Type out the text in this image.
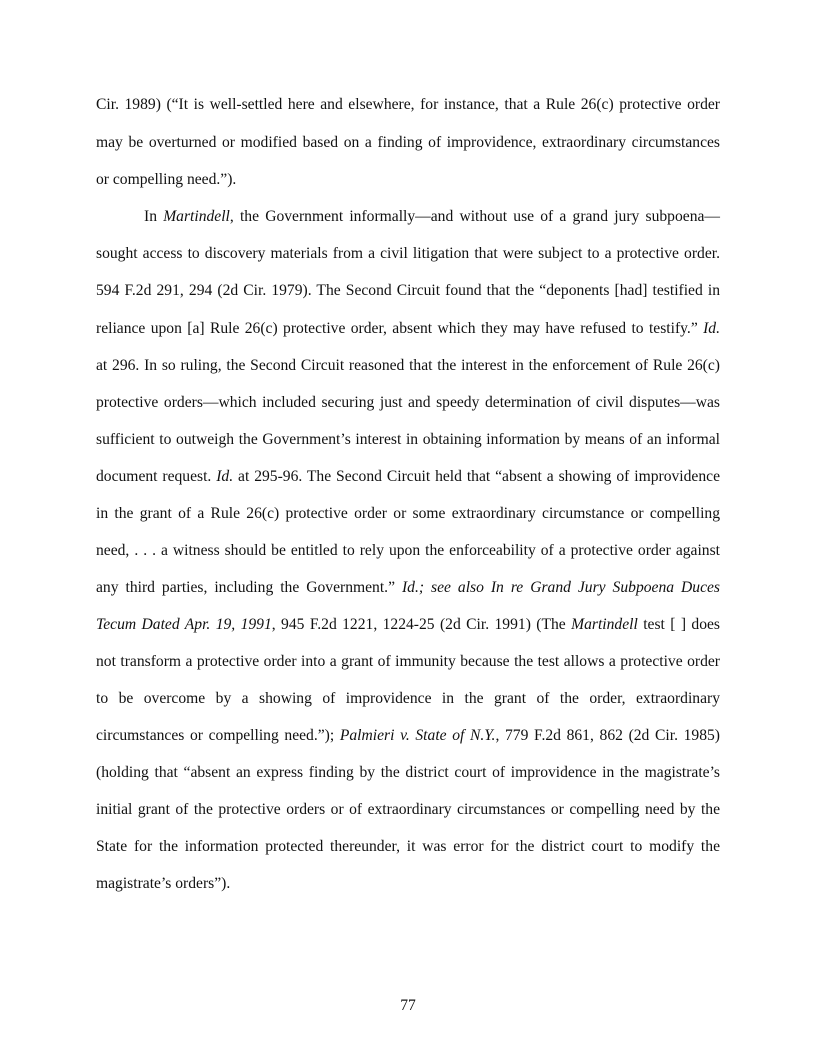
Cir. 1989) (“It is well-settled here and elsewhere, for instance, that a Rule 26(c) protective order
may be overturned or modified based on a finding of improvidence, extraordinary circumstances
or compelling need.”).
In Martindell, the Government informally—and without use of a grand jury subpoena—
sought access to discovery materials from a civil litigation that were subject to a protective order.
594 F.2d 291, 294 (2d Cir. 1979). The Second Circuit found that the “deponents [had] testified in
reliance upon [a] Rule 26(c) protective order, absent which they may have refused to testify.” Id.
at 296. In so ruling, the Second Circuit reasoned that the interest in the enforcement of Rule 26(c)
protective orders—which included securing just and speedy determination of civil disputes—was
sufficient to outweigh the Government’s interest in obtaining information by means of an informal
document request. Id. at 295-96. The Second Circuit held that “absent a showing of improvidence
in the grant of a Rule 26(c) protective order or some extraordinary circumstance or compelling
need, . . . a witness should be entitled to rely upon the enforceability of a protective order against
any third parties, including the Government.” Id.; see also In re Grand Jury Subpoena Duces
Tecum Dated Apr. 19, 1991, 945 F.2d 1221, 1224-25 (2d Cir. 1991) (The Martindell test [ ] does
not transform a protective order into a grant of immunity because the test allows a protective order
to be overcome by a showing of improvidence in the grant of the order, extraordinary
circumstances or compelling need.”); Palmieri v. State of N.Y., 779 F.2d 861, 862 (2d Cir. 1985)
(holding that “absent an express finding by the district court of improvidence in the magistrate’s
initial grant of the protective orders or of extraordinary circumstances or compelling need by the
State for the information protected thereunder, it was error for the district court to modify the
magistrate’s orders”).
77
